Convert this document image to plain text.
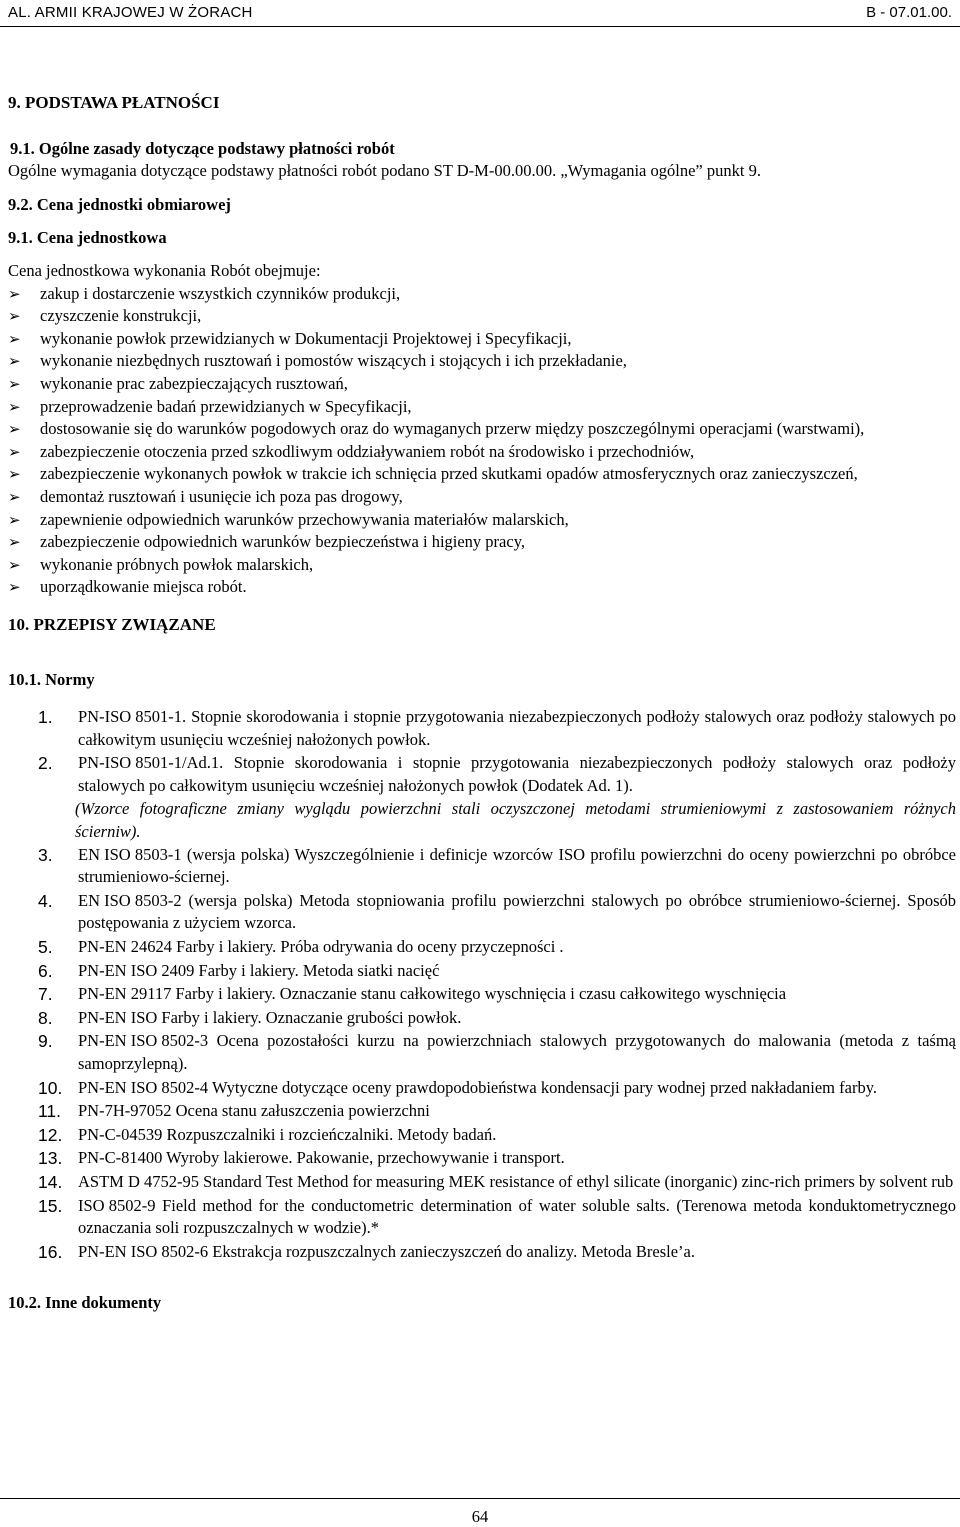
AL. ARMII KRAJOWEJ W ŻORACH	B - 07.01.00.
9. PODSTAWA PŁATNOŚCI
9.1. Ogólne zasady dotyczące podstawy płatności robót

Ogólne wymagania dotyczące podstawy płatności robót podano ST D-M-00.00.00. „Wymagania ogólne” punkt 9.

9.2. Cena jednostki obmiarowej
9.1. Cena jednostkowa

Cena jednostkowa wykonania Robót obejmuje:

➢ zakup i dostarczenie wszystkich czynników produkcji,
➢ czyszczenie konstrukcji,
➢ wykonanie powłok przewidzianych w Dokumentacji Projektowej i Specyfikacji,
➢ wykonanie niezbędnych rusztowań i pomostów wiszących i stojących i ich przekładanie,
➢ wykonanie prac zabezpieczających rusztowań,
➢ przeprowadzenie badań przewidzianych w Specyfikacji,
➢ dostosowanie się do warunków pogodowych oraz do wymaganych przerw między poszczególnymi operacjami (warstwami),
➢ zabezpieczenie otoczenia przed szkodliwym oddziaływaniem robót na środowisko i przechodniów,
➢ zabezpieczenie wykonanych powłok w trakcie ich schnięcia przed skutkami opadów atmosferycznych oraz zanieczyszczeń,
➢ demontaż rusztowań i usunięcie ich poza pas drogowy,
➢ zapewnienie odpowiednich warunków przechowywania materiałów malarskich,
➢ zabezpieczenie odpowiednich warunków bezpieczeństwa i higieny pracy,
➢ wykonanie próbnych powłok malarskich,
➢ uporządkowanie miejsca robót.
10. PRZEPISY ZWIĄZANE
10.1. Normy
1. PN-ISO 8501-1. Stopnie skorodowania i stopnie przygotowania niezabezpieczonych podłoży stalowych oraz podłoży stalowych po całkowitym usunięciu wcześniej nałożonych powłok.
2. PN-ISO 8501-1/Ad.1. Stopnie skorodowania i stopnie przygotowania niezabezpieczonych podłoży stalowych oraz podłoży stalowych po całkowitym usunięciu wcześniej nałożonych powłok (Dodatek Ad. 1).
(Wzorce fotograficzne zmiany wyglądu powierzchni stali oczyszczonej metodami strumieniowymi z zastosowaniem różnych ścierniw).
3. EN ISO 8503-1 (wersja polska) Wyszczególnienie i definicje wzorców ISO profilu powierzchni do oceny powierzchni po obróbce strumieniowo-ściernej.
4. EN ISO 8503-2 (wersja polska) Metoda stopniowania profilu powierzchni stalowych po obróbce strumieniowo-ściernej. Sposób postępowania z użyciem wzorca.
5. PN-EN 24624 Farby i lakiery. Próba odrywania do oceny przyczepności .
6. PN-EN ISO 2409 Farby i lakiery. Metoda siatki nacięć
7. PN-EN 29117 Farby i lakiery. Oznaczanie stanu całkowitego wyschnięcia i czasu całkowitego wyschnięcia
8. PN-EN ISO Farby i lakiery. Oznaczanie grubości powłok.
9. PN-EN ISO 8502-3 Ocena pozostałości kurzu na powierzchniach stalowych przygotowanych do malowania (metoda z taśmą samoprzylepną).
10. PN-EN ISO 8502-4 Wytyczne dotyczące oceny prawdopodobieństwa kondensacji pary wodnej przed nakładaniem farby.
11. PN-7H-97052 Ocena stanu załuszczenia powierzchni
12. PN-C-04539 Rozpuszczalniki i rozcieńczalniki. Metody badań.
13. PN-C-81400 Wyroby lakierowe. Pakowanie, przechowywanie i transport.
14. ASTM D 4752-95 Standard Test Method for measuring MEK resistance of ethyl silicate (inorganic) zinc-rich primers by solvent rub
15. ISO 8502-9 Field method for the conductometric determination of water soluble salts. (Terenowa metoda konduktometrycznego oznaczania soli rozpuszczalnych w wodzie).*
16. PN-EN ISO 8502-6 Ekstrakcja rozpuszczalnych zanieczyszczeń do analizy. Metoda Bresle’a.
10.2. Inne dokumenty
64
